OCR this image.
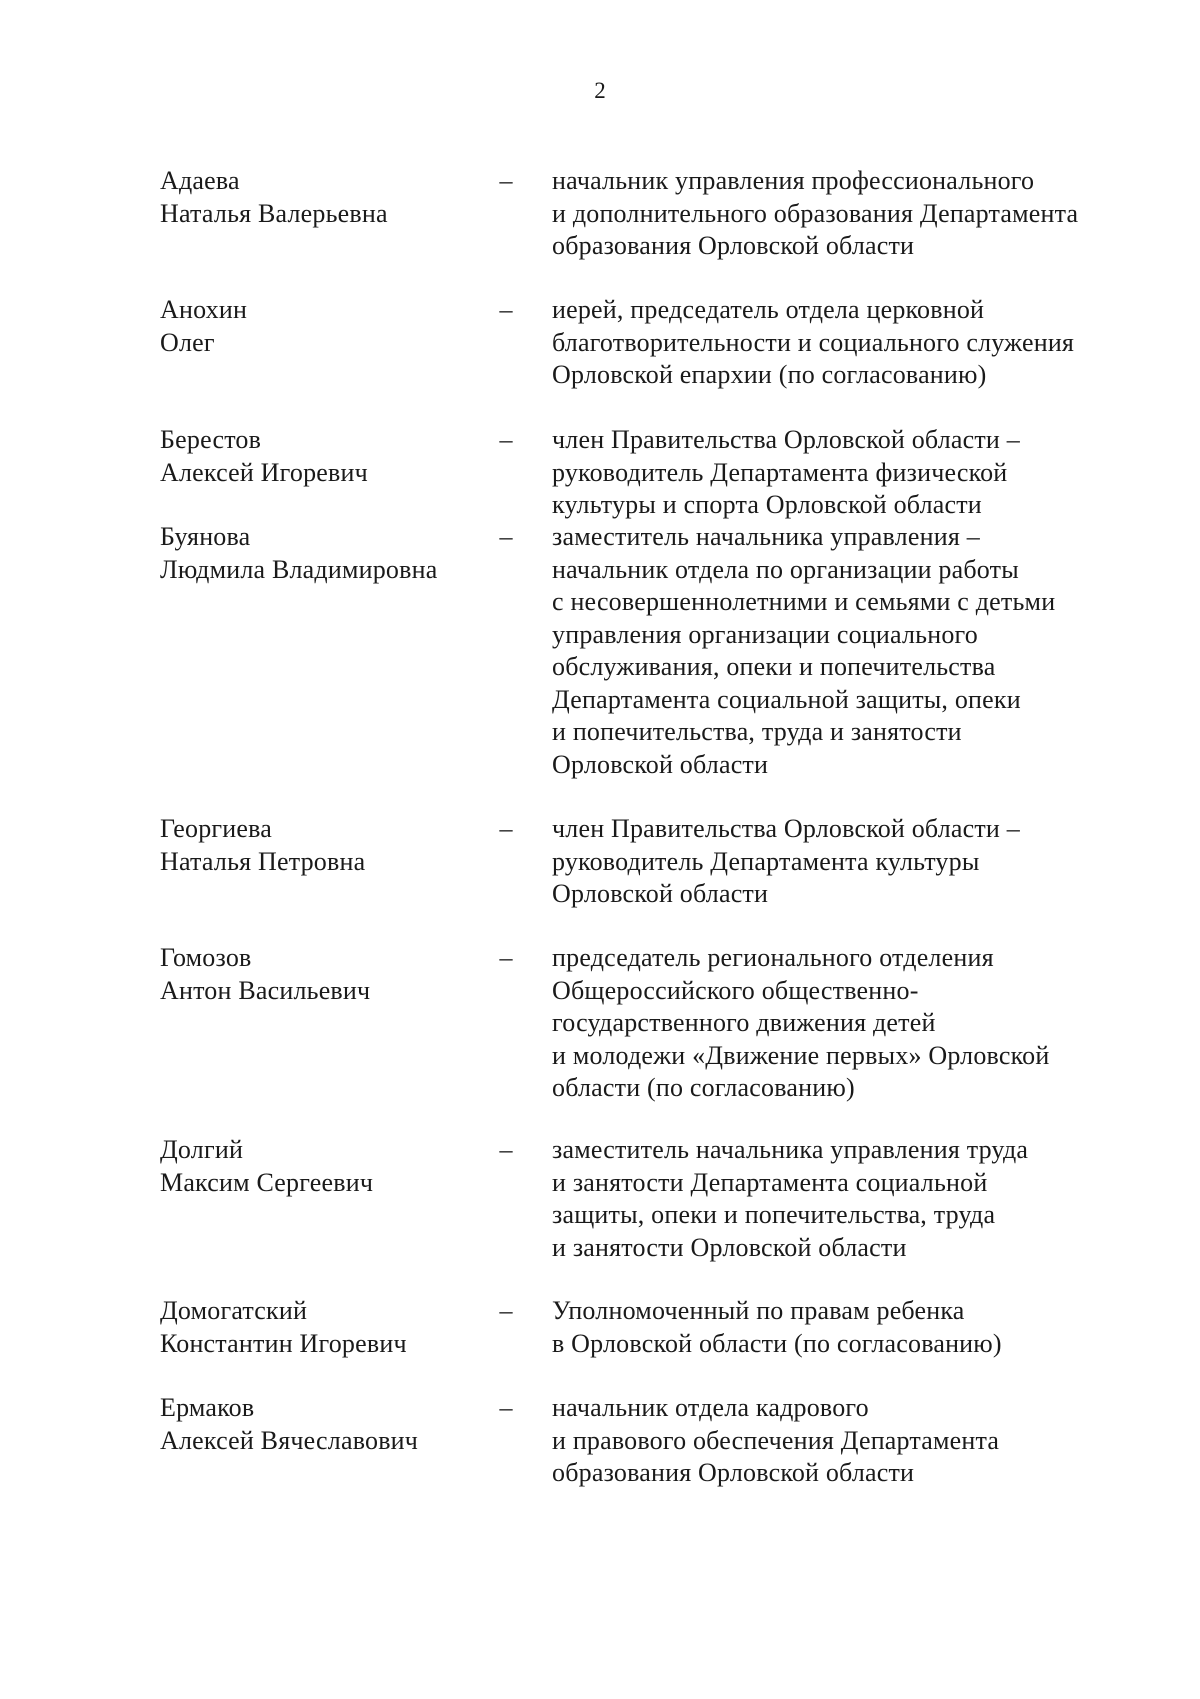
2
Адаева
Наталья Валерьевна
– начальник управления профессионального
и дополнительного образования Департамента
образования Орловской области
Анохин
Олег
– иерей, председатель отдела церковной
благотворительности и социального служения
Орловской епархии (по согласованию)
Берестов
Алексей Игоревич
– член Правительства Орловской области –
руководитель Департамента физической
культуры и спорта Орловской области
Буянова
Людмила Владимировна
– заместитель начальника управления –
начальник отдела по организации работы
с несовершеннолетними и семьями с детьми
управления организации социального
обслуживания, опеки и попечительства
Департамента социальной защиты, опеки
и попечительства, труда и занятости
Орловской области
Георгиева
Наталья Петровна
– член Правительства Орловской области –
руководитель Департамента культуры
Орловской области
Гомозов
Антон Васильевич
– председатель регионального отделения
Общероссийского общественно-
государственного движения детей
и молодежи «Движение первых» Орловской
области (по согласованию)
Долгий
Максим Сергеевич
– заместитель начальника управления труда
и занятости Департамента социальной
защиты, опеки и попечительства, труда
и занятости Орловской области
Домогатский
Константин Игоревич
– Уполномоченный по правам ребенка
в Орловской области (по согласованию)
Ермаков
Алексей Вячеславович
– начальник отдела кадрового
и правового обеспечения Департамента
образования Орловской области
